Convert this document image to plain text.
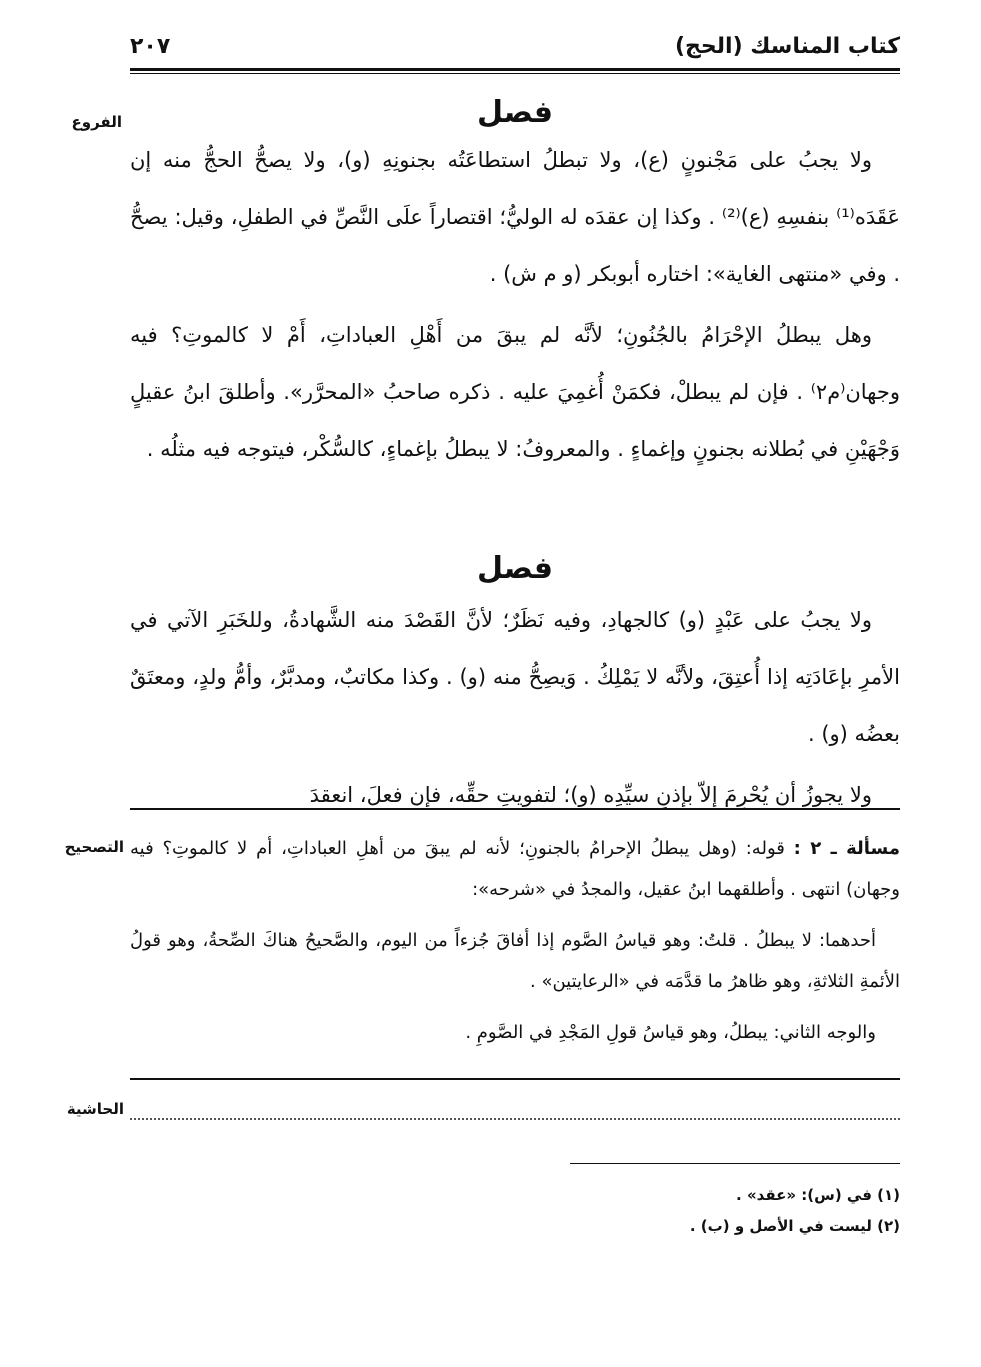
كتاب المناسك (الحج)
٢٠٧
الفروع	فصل

ولا يجبُ على مَجْنونٍ (ع)، ولا تبطلُ استطاعَتُه بجنونِهِ (و)، ولا يصحُّ الحجُّ منه إن عَقَدَه⁽¹⁾ بنفسِهِ (ع)⁽²⁾ . وكذا إن عقدَه له الوليُّ؛ اقتصاراً علَى النَّصِّ في الطفلِ، وقيل: يصحُّ . وفي «منتهى الغاية»: اختاره أبوبكر (و م ش) .

وهل يبطلُ الإحْرَامُ بالجُنُونِ؛ لأنَّه لم يبقَ من أَهْلِ العباداتِ، أَمْ لا كالموتِ؟ فيه وجهان⁽م٢⁾ . فإن لم يبطلْ، فكمَنْ أُغمِيَ عليه . ذكره صاحبُ «المحرَّر». وأطلقَ ابنُ عقيلٍ وَجْهَيْنِ في بُطلانه بجنونٍ وإغماءٍ . والمعروفُ: لا يبطلُ بإغماءٍ، كالسُّكْر، فيتوجه فيه مثلُه .

فصل

ولا يجبُ على عَبْدٍ (و) كالجهادِ، وفيه نَظَرٌ؛ لأنَّ القَصْدَ منه الشَّهادةُ، وللخَبَرِ الآتي في الأمرِ بإعَادَتِه إذا أُعتِقَ، ولأنَّه لا يَمْلِكُ . وَيصِحُّ منه (و) . وكذا مكاتبٌ، ومدبَّرٌ، وأمُّ ولدٍ، ومعتَقٌ بعضُه (و) .

ولا يجوزُ أن يُحْرِمَ إلاّ بإذنِ سيِّدِه (و)؛ لتفويتِ حقِّه، فإن فعلَ، انعقدَ

التصحيح	مسألة ـ ٢ : قوله: (وهل يبطلُ الإحرامُ بالجنونِ؛ لأنه لم يبقَ من أهلِ العباداتِ، أم لا كالموتِ؟ فيه وجهان) انتهى . وأطلقهما ابنُ عقيل، والمجدُ في «شرحه»:

أحدهما: لا يبطلُ . قلتُ: وهو قياسُ الصَّوم إذا أفاقَ جُزءاً من اليوم، والصَّحيحُ هناكَ الصِّحةُ، وهو قولُ الأئمةِ الثلاثةِ، وهو ظاهرُ ما قدَّمَه في «الرعايتين» .

والوجه الثاني: يبطلُ، وهو قياسُ قولِ المَجْدِ في الصَّومِ .

الحاشية
(١) في (س): «عقد» .
(٢) ليست في الأصل و (ب) .
